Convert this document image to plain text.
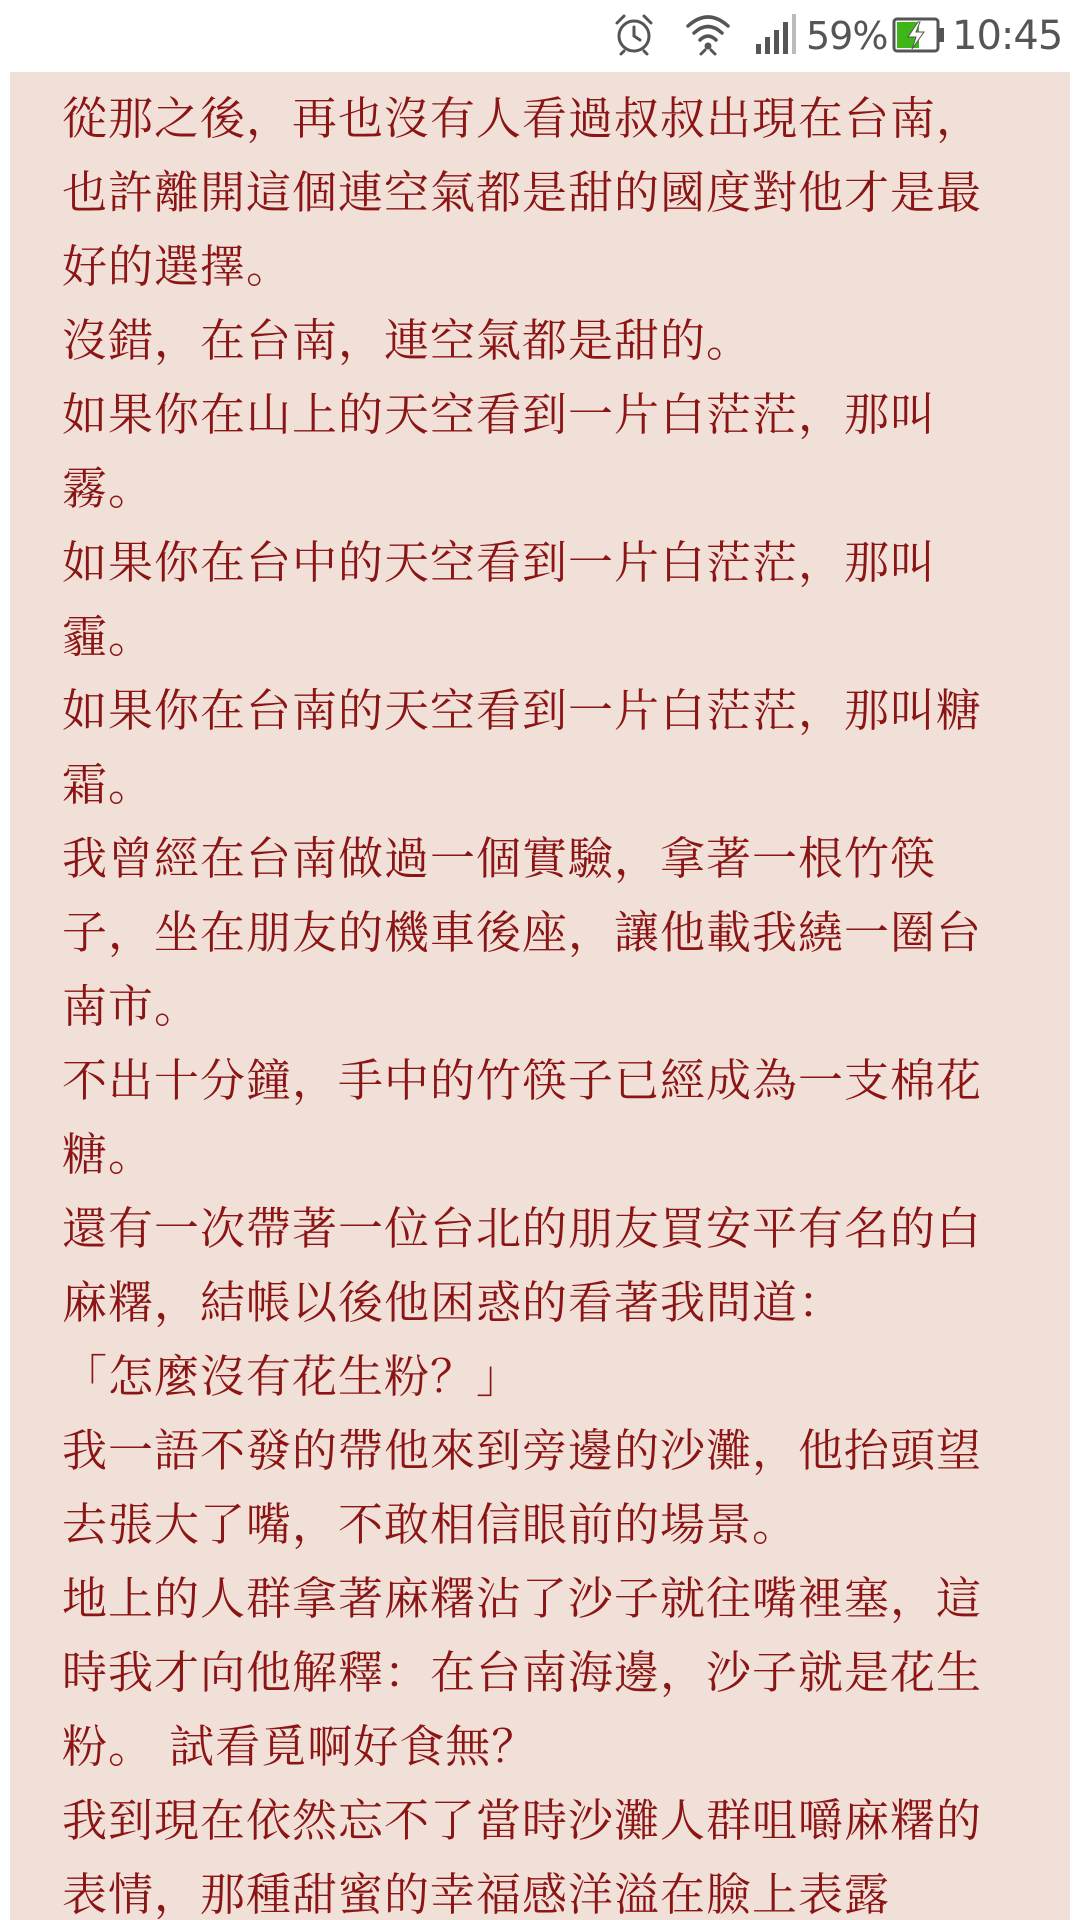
59% 10:45

從那之後，再也沒有人看過叔叔出現在台南，也許離開這個連空氣都是甜的國度對他才是最好的選擇。

沒錯，在台南，連空氣都是甜的。

如果你在山上的天空看到一片白茫茫，那叫霧。

如果你在台中的天空看到一片白茫茫，那叫霾。

如果你在台南的天空看到一片白茫茫，那叫糖霜。

我曾經在台南做過一個實驗，拿著一根竹筷子，坐在朋友的機車後座，讓他載我繞一圈台南市。

不出十分鐘，手中的竹筷子已經成為一支棉花糖。

還有一次帶著一位台北的朋友買安平有名的白麻糬，結帳以後他困惑的看著我問道：

「怎麼沒有花生粉？」

我一語不發的帶他來到旁邊的沙灘，他抬頭望去張大了嘴，不敢相信眼前的場景。

地上的人群拿著麻糬沾了沙子就往嘴裡塞，這時我才向他解釋：在台南海邊，沙子就是花生粉。 試看覓啊好食無？

我到現在依然忘不了當時沙灘人群咀嚼麻糬的表情，那種甜蜜的幸福感洋溢在臉上表露
